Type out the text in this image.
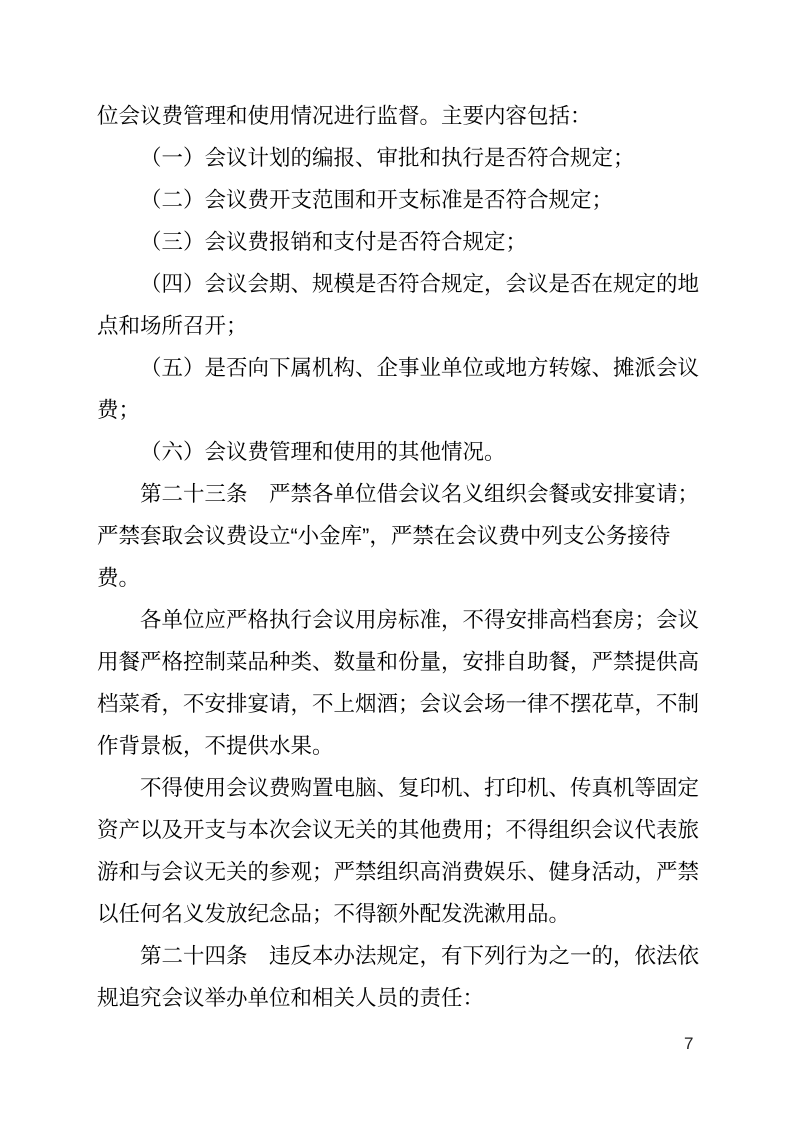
位会议费管理和使用情况进行监督。主要内容包括：
（一）会议计划的编报、审批和执行是否符合规定；
（二）会议费开支范围和开支标准是否符合规定；
（三）会议费报销和支付是否符合规定；
（四）会议会期、规模是否符合规定，会议是否在规定的地
点和场所召开；
（五）是否向下属机构、企事业单位或地方转嫁、摊派会议
费；
（六）会议费管理和使用的其他情况。
第二十三条　严禁各单位借会议名义组织会餐或安排宴请；
严禁套取会议费设立“小金库”，严禁在会议费中列支公务接待
费。
各单位应严格执行会议用房标准，不得安排高档套房；会议
用餐严格控制菜品种类、数量和份量，安排自助餐，严禁提供高
档菜肴，不安排宴请，不上烟酒；会议会场一律不摆花草，不制
作背景板，不提供水果。
不得使用会议费购置电脑、复印机、打印机、传真机等固定
资产以及开支与本次会议无关的其他费用；不得组织会议代表旅
游和与会议无关的参观；严禁组织高消费娱乐、健身活动，严禁
以任何名义发放纪念品；不得额外配发洗漱用品。
第二十四条　违反本办法规定，有下列行为之一的，依法依
规追究会议举办单位和相关人员的责任：
7
